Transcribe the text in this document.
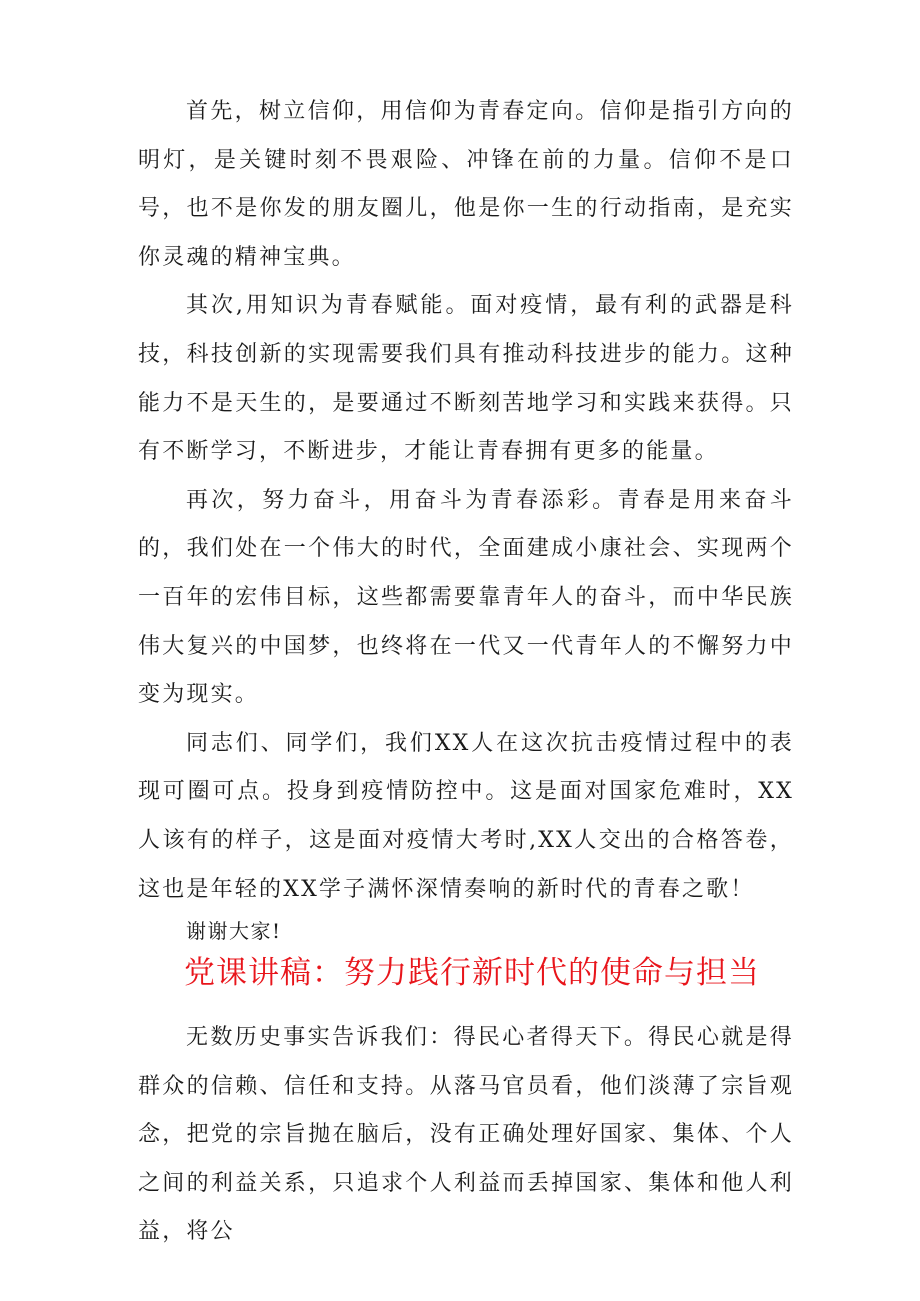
首先，树立信仰，用信仰为青春定向。信仰是指引方向的明灯，是关键时刻不畏艰险、冲锋在前的力量。信仰不是口号，也不是你发的朋友圈儿，他是你一生的行动指南，是充实你灵魂的精神宝典。

其次,用知识为青春赋能。面对疫情，最有利的武器是科技，科技创新的实现需要我们具有推动科技进步的能力。这种能力不是天生的，是要通过不断刻苦地学习和实践来获得。只有不断学习，不断进步，才能让青春拥有更多的能量。

再次，努力奋斗，用奋斗为青春添彩。青春是用来奋斗的，我们处在一个伟大的时代，全面建成小康社会、实现两个一百年的宏伟目标，这些都需要靠青年人的奋斗，而中华民族伟大复兴的中国梦，也终将在一代又一代青年人的不懈努力中变为现实。

同志们、同学们，我们XX人在这次抗击疫情过程中的表现可圈可点。投身到疫情防控中。这是面对国家危难时，XX人该有的样子，这是面对疫情大考时,XX人交出的合格答卷，这也是年轻的XX学子满怀深情奏响的新时代的青春之歌！

谢谢大家!

党课讲稿：努力践行新时代的使命与担当

无数历史事实告诉我们：得民心者得天下。得民心就是得群众的信赖、信任和支持。从落马官员看，他们淡薄了宗旨观念，把党的宗旨抛在脑后，没有正确处理好国家、集体、个人之间的利益关系，只追求个人利益而丢掉国家、集体和他人利益，将公
